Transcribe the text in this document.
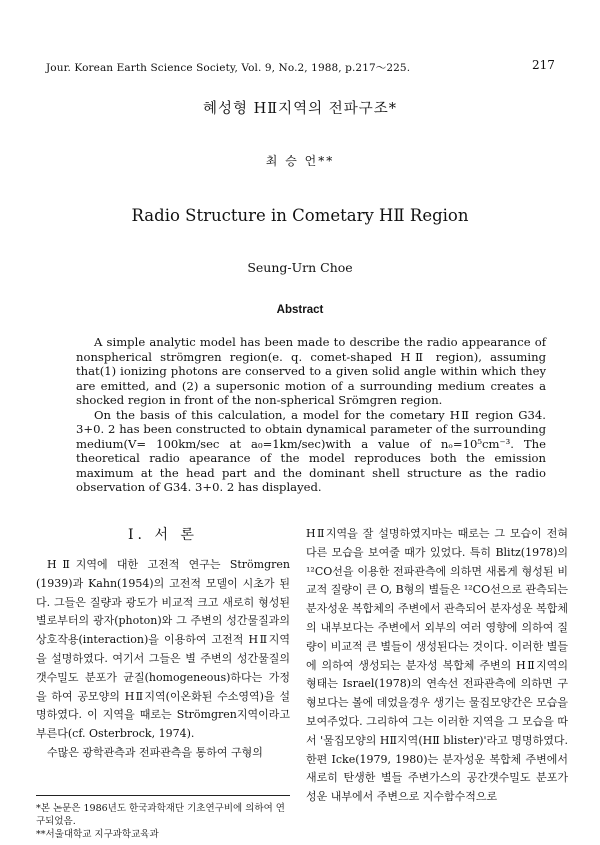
Jour. Korean Earth Science Society, Vol. 9, No.2, 1988, p.217～225.	217
혜성형 HⅡ지역의 전파구조*
최 승 언**
Radio Structure in Cometary HⅡ Region
Seung-Urn Choe
Abstract

A simple analytic model has been made to describe the radio appearance of nonspherical strömgren region(e. q. comet-shaped HⅡ region), assuming that(1) ionizing photons are conserved to a given solid angle within which they are emitted, and (2) a supersonic motion of a surrounding medium creates a shocked region in front of the non-spherical Srömgren region.

On the basis of this calculation, a model for the cometary HⅡ region G34. 3+0. 2 has been constructed to obtain dynamical parameter of the surrounding medium(V= 100km/sec at a₀=1km/sec)with a value of nₒ=10⁵cm⁻³. The theoretical radio apearance of the model reproduces both the emission maximum at the head part and the dominant shell structure as the radio observation of G34. 3+0. 2 has displayed.

Ⅰ. 서 론

HⅡ지역에 대한 고전적 연구는 Strömgren (1939)과 Kahn(1954)의 고전적 모델이 시초가 된다. 그들은 질량과 광도가 비교적 크고 새로히 형성된 별로부터의 광자(photon)와 그 주변의 성간물질과의 상호작용(interaction)을 이용하여 고전적 HⅡ지역을 설명하였다. 여기서 그들은 별 주변의 성간물질의 갯수밀도 분포가 균질(homogeneous)하다는 가정을 하여 공모양의 HⅡ지역(이온화된 수소영역)을 설명하였다. 이 지역을 때로는 Strömgren지역이라고 부른다(cf. Osterbrock, 1974).

수많은 광학관측과 전파관측을 통하여 구형의

HⅡ지역을 잘 설명하였지마는 때로는 그 모습이 전혀 다른 모습을 보여줄 때가 있었다. 특히 Blitz(1978)의 ¹²CO선을 이용한 전파관측에 의하면 새롭게 형성된 비교적 질량이 큰 O, B형의 별들은 ¹²CO선으로 관측되는 분자성운 복합체의 주변에서 관측되어 분자성운 복합체의 내부보다는 주변에서 외부의 여러 영향에 의하여 질량이 비교적 큰 별들이 생성된다는 것이다. 이러한 별들에 의하여 생성되는 분자성 복합체 주변의 HⅡ지역의 형태는 Israel(1978)의 연속선 전파관측에 의하면 구형보다는 볼에 데었을경우 생기는 물집모양간은 모습을 보여주었다. 그리하여 그는 이러한 지역을 그 모습을 따서 '물집모양의 HⅡ지역(HⅡ blister)'라고 명명하였다. 한편 Icke(1979, 1980)는 분자성운 복합체 주변에서 새로히 탄생한 별들 주변가스의 공간갯수밀도 분포가 성운 내부에서 주변으로 지수함수적으로

*본 논문은 1986년도 한국과학재단 기초연구비에 의하여 연구되었음.
**서울대학교 지구과학교육과
